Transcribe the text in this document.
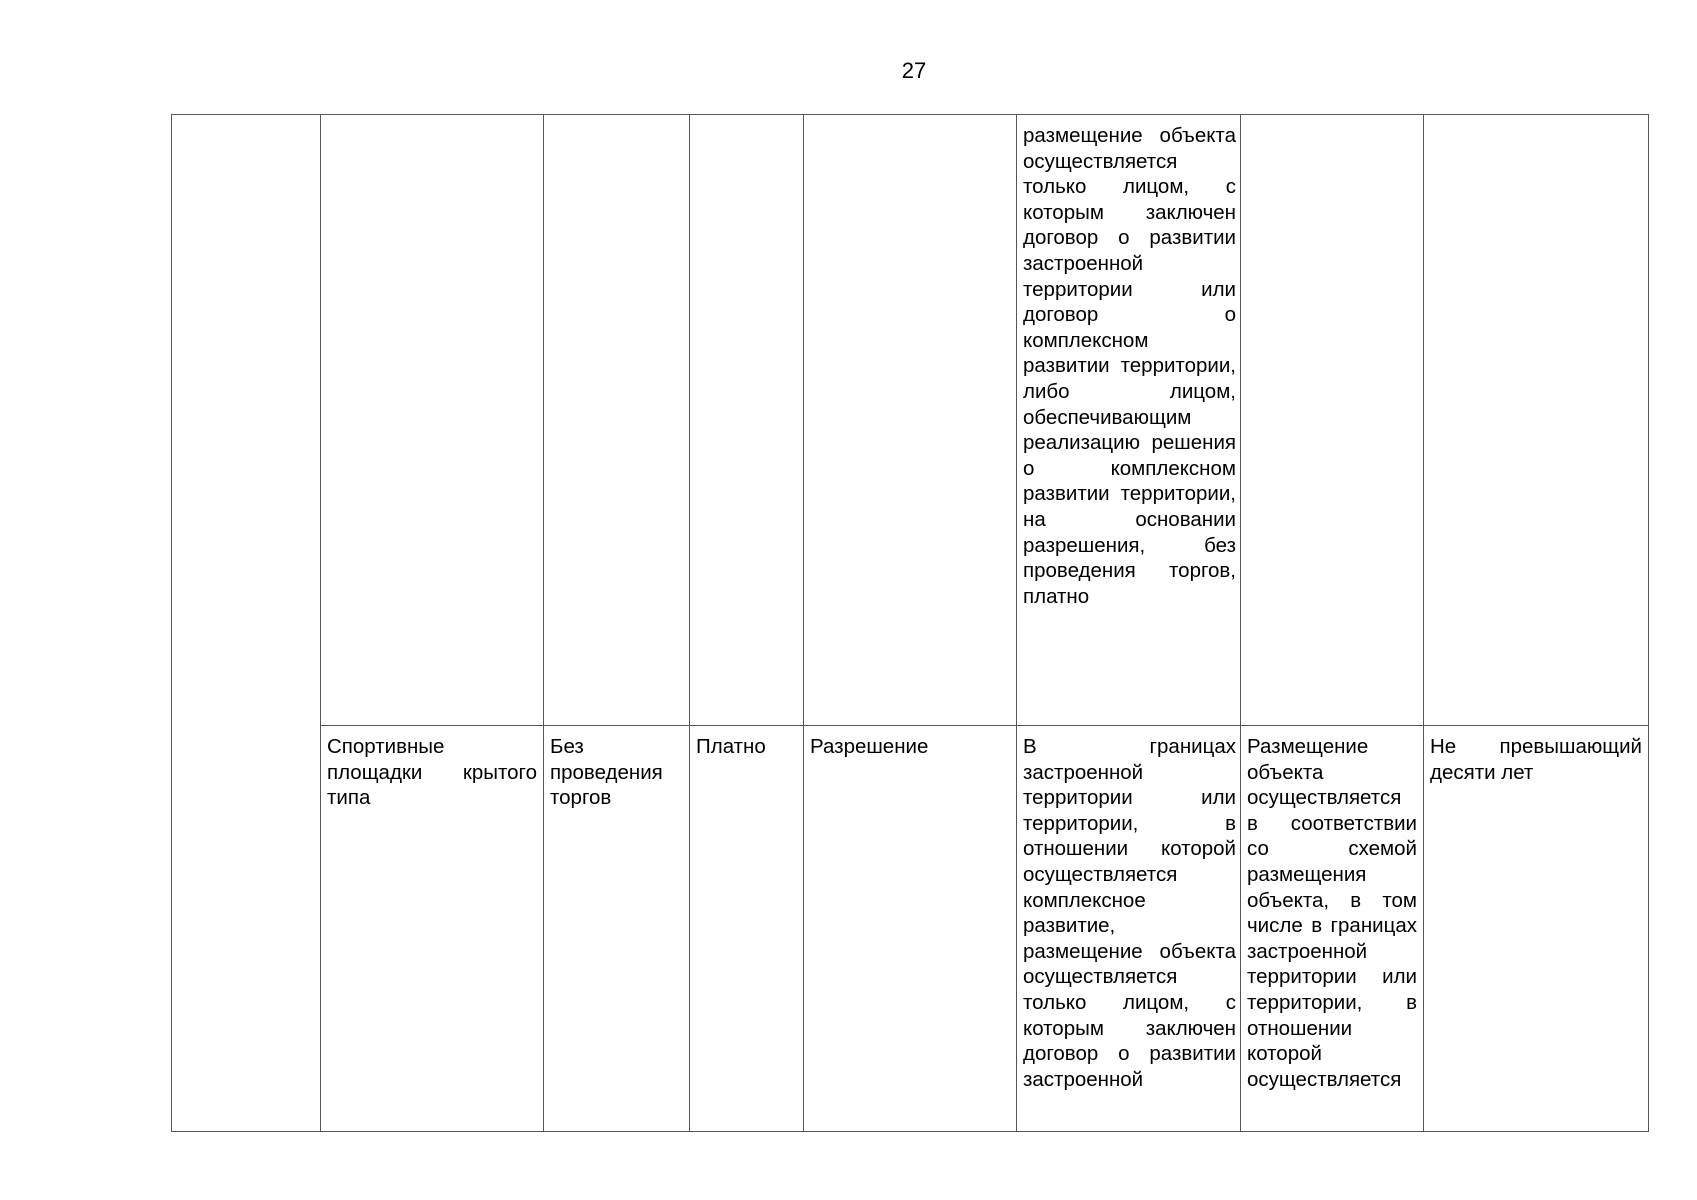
27

					размещение объекта осуществляется только лицом, с которым заключен договор о развитии застроенной территории или договор о комплексном развитии территории, либо лицом, обеспечивающим реализацию решения о комплексном развитии территории, на основании разрешения, без проведения торгов, платно		

	Спортивные площадки крытого типа	Без проведения торгов	Платно	Разрешение	В границах застроенной территории или территории, в отношении которой осуществляется комплексное развитие, размещение объекта осуществляется только лицом, с которым заключен договор о развитии застроенной	Размещение объекта осуществляется в соответствии со схемой размещения объекта, в том числе в границах застроенной территории или территории, в отношении которой осуществляется	Не превышающий десяти лет
